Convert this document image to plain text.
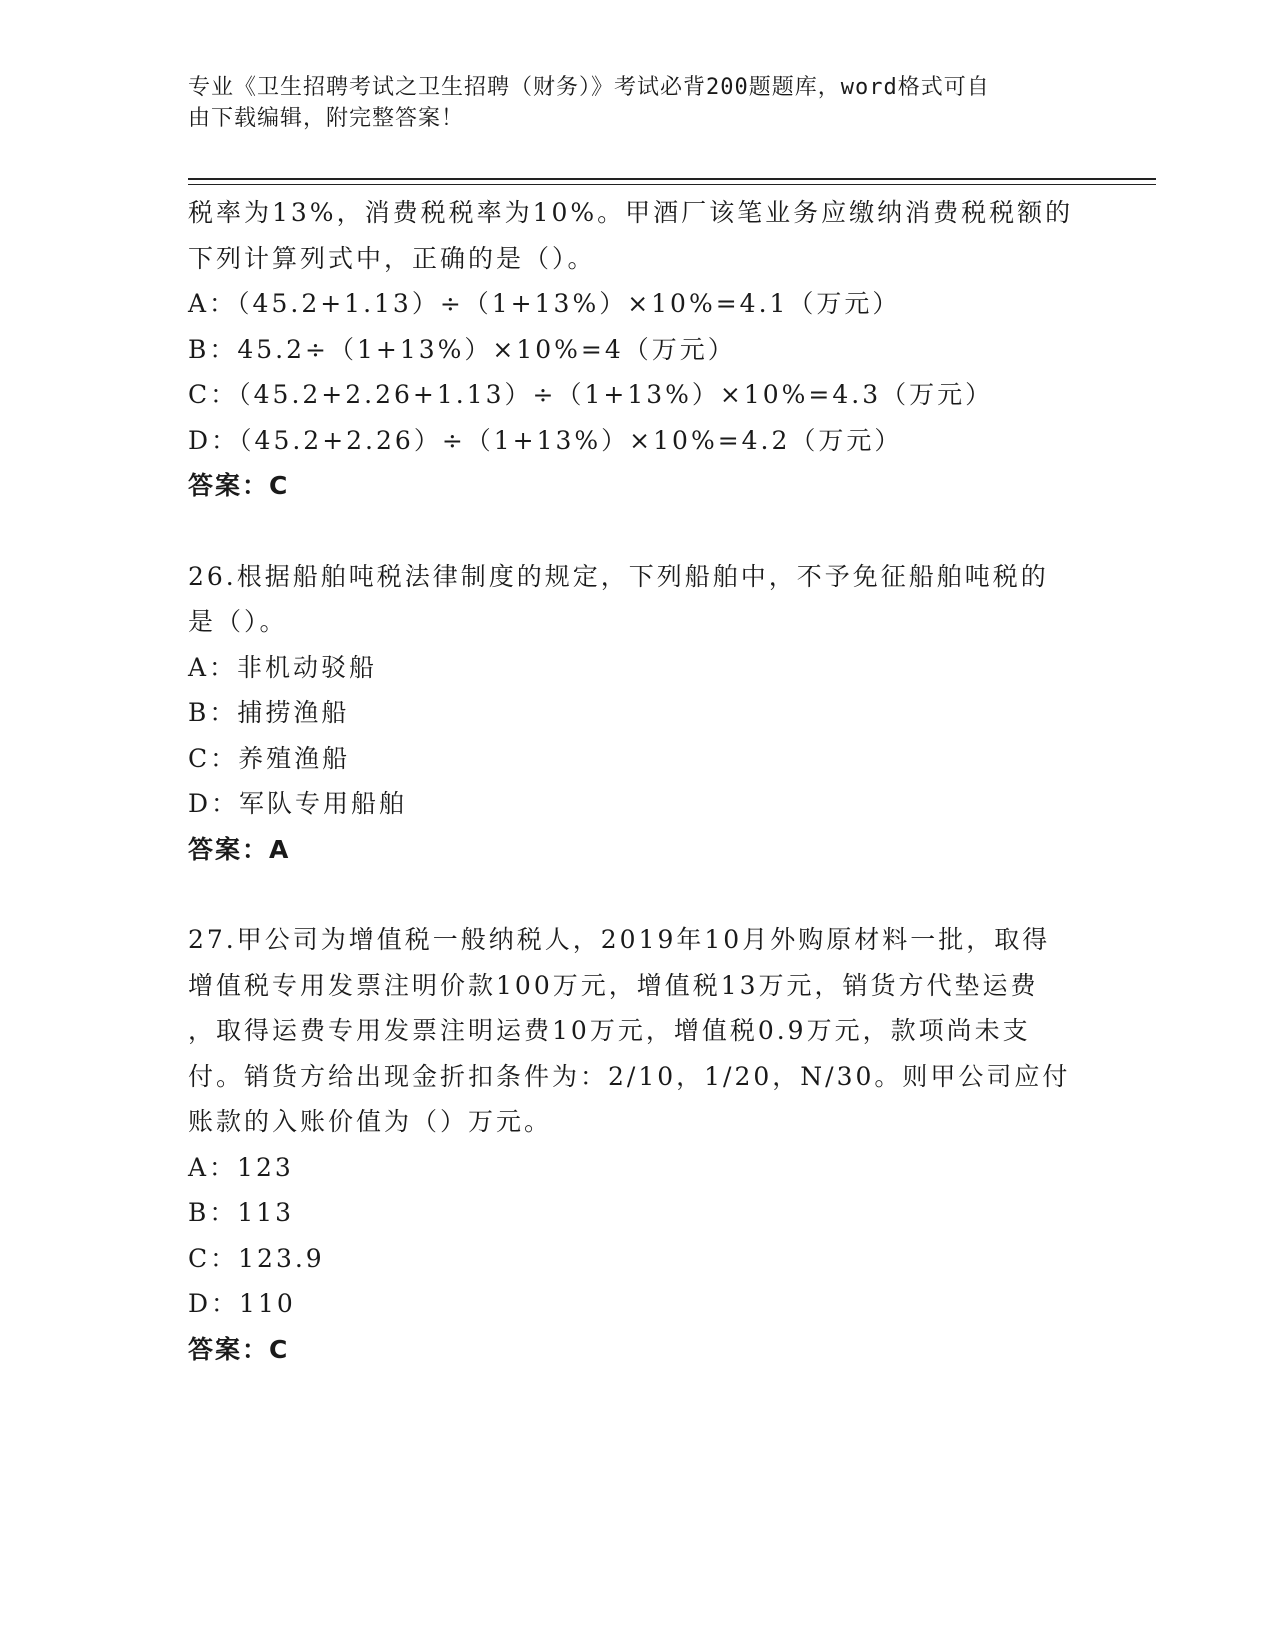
专业《卫生招聘考试之卫生招聘（财务）》考试必背200题题库，word格式可自
由下载编辑，附完整答案！
税率为13%，消费税税率为10%。甲酒厂该笔业务应缴纳消费税税额的
下列计算列式中，正确的是（）。
A：（45.2+1.13）÷（1+13%）×10%=4.1（万元）
B：45.2÷（1+13%）×10%=4（万元）
C：（45.2+2.26+1.13）÷（1+13%）×10%=4.3（万元）
D：（45.2+2.26）÷（1+13%）×10%=4.2（万元）
答案：C
26.根据船舶吨税法律制度的规定，下列船舶中，不予免征船舶吨税的
是（）。
A：非机动驳船
B：捕捞渔船
C：养殖渔船
D：军队专用船舶
答案：A
27.甲公司为增值税一般纳税人，2019年10月外购原材料一批，取得
增值税专用发票注明价款100万元，增值税13万元，销货方代垫运费
，取得运费专用发票注明运费10万元，增值税0.9万元，款项尚未支
付。销货方给出现金折扣条件为：2/10，1/20，N/30。则甲公司应付
账款的入账价值为（）万元。
A：123
B：113
C：123.9
D：110
答案：C
